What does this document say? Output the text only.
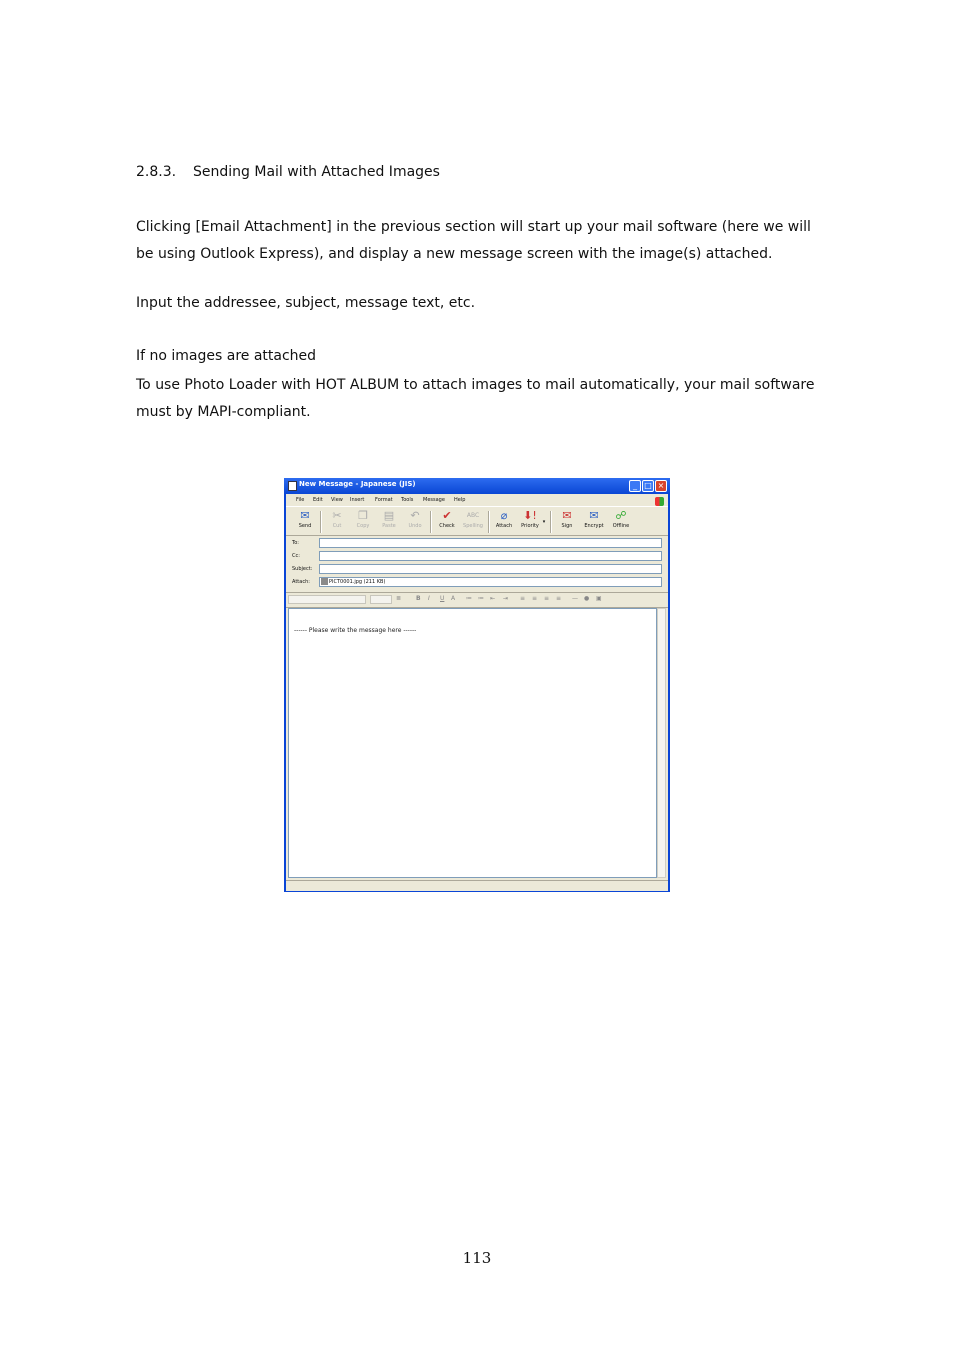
2.8.3.	Sending Mail with Attached Images

Clicking [Email Attachment] in the previous section will start up your mail software (here we will be using Outlook Express), and display a new message screen with the image(s) attached.

Input the addressee, subject, message text, etc.

If no images are attached

To use Photo Loader with HOT ALBUM to attach images to mail automatically, your mail software must by MAPI-compliant.

New Message - Japanese (JIS)	_ □ ×
File Edit View Insert Format Tools Message Help
✉
Send
✂
Cut
❐
Copy
▤
Paste
↶
Undo
✔
Check
ABC
Spelling
⌀
Attach
⬇!
Priority
▾ ✉
Sign
✉
Encrypt
☍
Offline
To:
Cc:
Subject:
Attach:	PICT0001.jpg (211 KB)
≣ B I U A ≔ ≔ ⇤ ⇥ ≡ ≡ ≡ ≡ — ● ▣
------ Please write the message here ------
113
